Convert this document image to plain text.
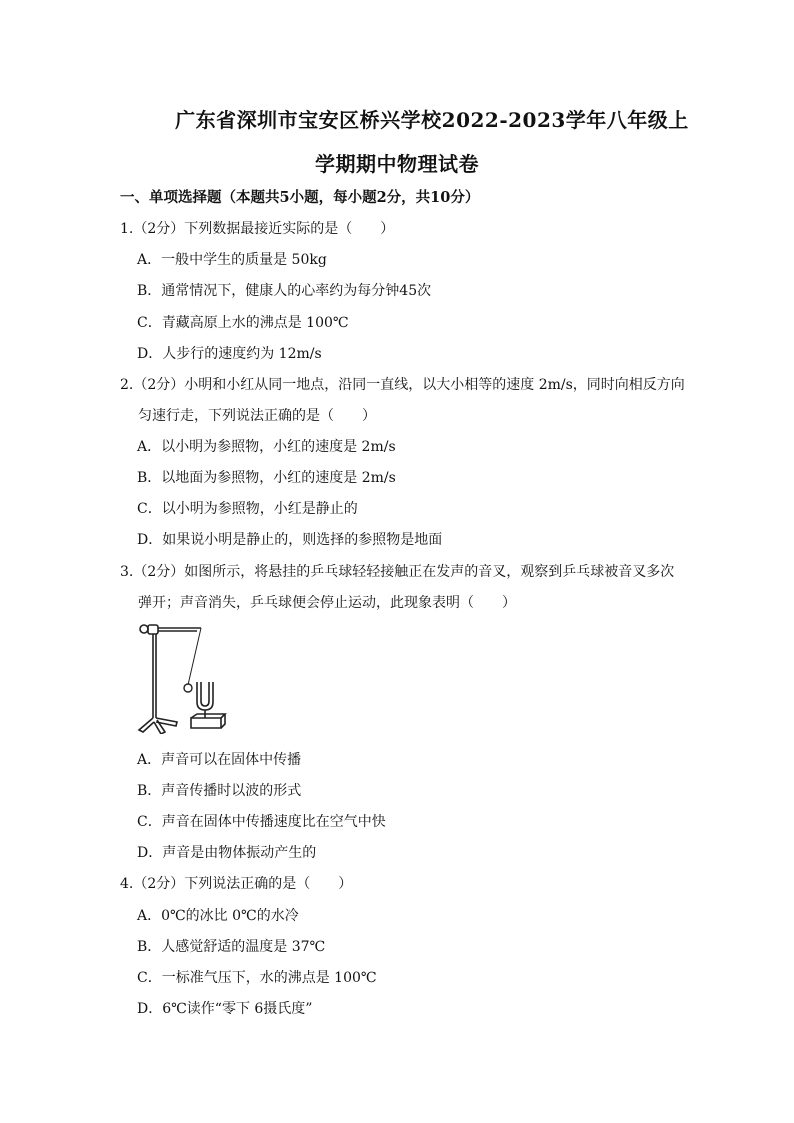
广东省深圳市宝安区桥兴学校2022-2023学年八年级上
学期期中物理试卷
一、单项选择题（本题共5小题，每小题2分，共10分）
1.（2分）下列数据最接近实际的是（　　）
A．一般中学生的质量是 50kg
B．通常情况下，健康人的心率约为每分钟45次
C．青藏高原上水的沸点是 100℃
D．人步行的速度约为 12m/s
2.（2分）小明和小红从同一地点，沿同一直线，以大小相等的速度 2m/s，同时向相反方向
匀速行走，下列说法正确的是（　　）
A．以小明为参照物，小红的速度是 2m/s
B．以地面为参照物，小红的速度是 2m/s
C．以小明为参照物，小红是静止的
D．如果说小明是静止的，则选择的参照物是地面
3.（2分）如图所示，将悬挂的乒乓球轻轻接触正在发声的音叉，观察到乒乓球被音叉多次
弹开；声音消失，乒乓球便会停止运动，此现象表明（　　）
A．声音可以在固体中传播
B．声音传播时以波的形式
C．声音在固体中传播速度比在空气中快
D．声音是由物体振动产生的
4.（2分）下列说法正确的是（　　）
A．0℃的冰比 0℃的水冷
B．人感觉舒适的温度是 37℃
C．一标准气压下，水的沸点是 100℃
D．6℃读作“零下 6摄氏度”
